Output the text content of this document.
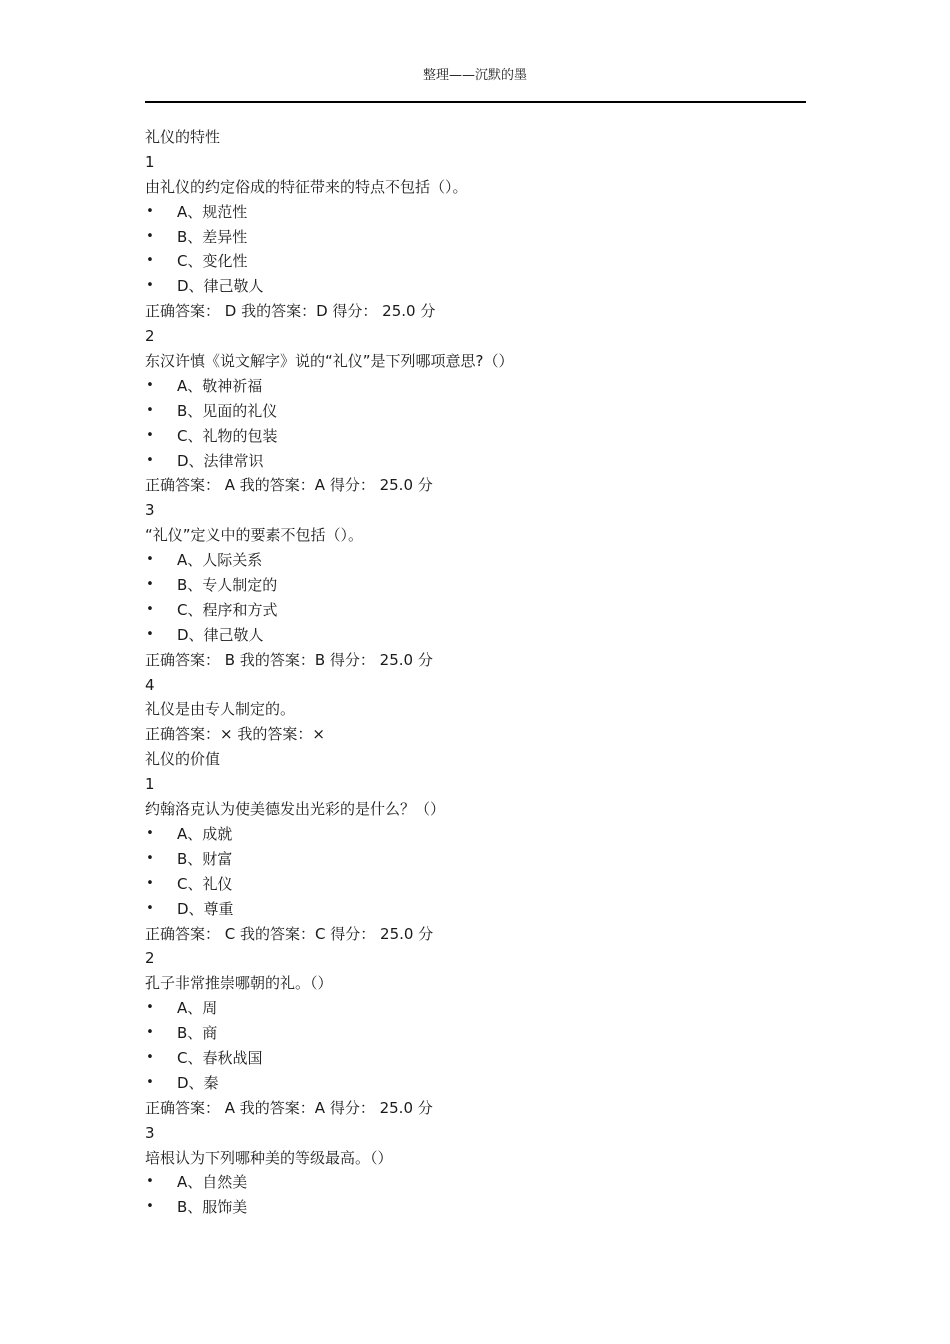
整理——沉默的墨
礼仪的特性
1
由礼仪的约定俗成的特征带来的特点不包括（）。
• A、规范性
• B、差异性
• C、变化性
• D、律己敬人
正确答案： D 我的答案：D 得分： 25.0 分
2
东汉许慎《说文解字》说的“礼仪”是下列哪项意思?（）
• A、敬神祈福
• B、见面的礼仪
• C、礼物的包装
• D、法律常识
正确答案： A 我的答案：A 得分： 25.0 分
3
“礼仪”定义中的要素不包括（）。
• A、人际关系
• B、专人制定的
• C、程序和方式
• D、律己敬人
正确答案： B 我的答案：B 得分： 25.0 分
4
礼仪是由专人制定的。
正确答案：× 我的答案：×
礼仪的价值
1
约翰洛克认为使美德发出光彩的是什么？（）
• A、成就
• B、财富
• C、礼仪
• D、尊重
正确答案： C 我的答案：C 得分： 25.0 分
2
孔子非常推崇哪朝的礼。（）
• A、周
• B、商
• C、春秋战国
• D、秦
正确答案： A 我的答案：A 得分： 25.0 分
3
培根认为下列哪种美的等级最高。（）
• A、自然美
• B、服饰美
